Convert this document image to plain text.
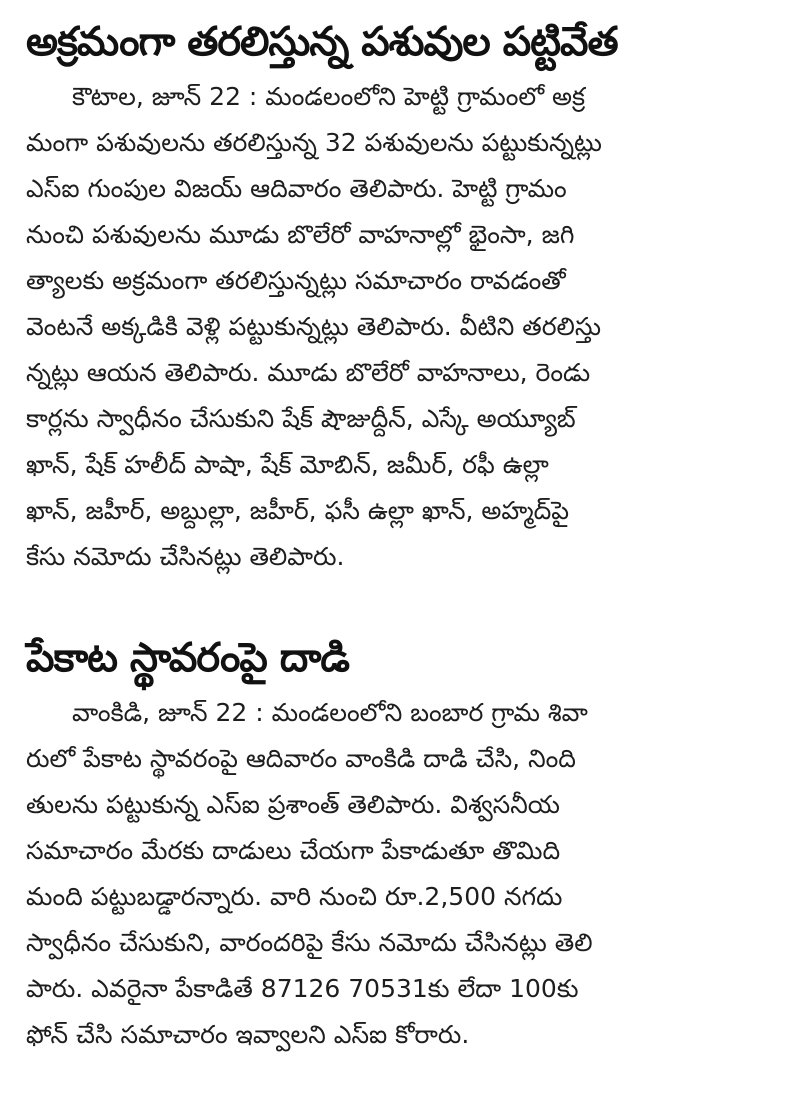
అక్రమంగా తరలిస్తున్న పశువుల పట్టివేత
కౌటాల, జూన్ 22 : మండలంలోని హెట్టి గ్రామంలో అక్ర
మంగా పశువులను తరలిస్తున్న 32 పశువులను పట్టుకున్నట్లు
ఎస్ఐ గుంపుల విజయ్ ఆదివారం తెలిపారు. హెట్టి గ్రామం
నుంచి పశువులను మూడు బొలేరో వాహనాల్లో భైంసా, జగి
త్యాలకు అక్రమంగా తరలిస్తున్నట్లు సమాచారం రావడంతో
వెంటనే అక్కడికి వెళ్లి పట్టుకున్నట్లు తెలిపారు. వీటిని తరలిస్తు
న్నట్లు ఆయన తెలిపారు. మూడు బొలేరో వాహనాలు, రెండు
కార్లను స్వాధీనం చేసుకుని షేక్ షౌజుద్దీన్, ఎస్కే అయ్యూబ్
ఖాన్, షేక్ హలీద్ పాషా, షేక్ మోబిన్, జమీర్, రఫీ ఉల్లా
ఖాన్, జహీర్, అబ్దుల్లా, జహీర్, ఫసీ ఉల్లా ఖాన్, అహ్మద్‌పై
కేసు నమోదు చేసినట్లు తెలిపారు.
పేకాట స్థావరంపై దాడి
వాంకిడి, జూన్ 22 : మండలంలోని బంబార గ్రామ శివా
రులో పేకాట స్థావరంపై ఆదివారం వాంకిడి దాడి చేసి, నింది
తులను పట్టుకున్న ఎస్ఐ ప్రశాంత్ తెలిపారు. విశ్వసనీయ
సమాచారం మేరకు దాడులు చేయగా పేకాడుతూ తొమిది
మంది పట్టుబడ్డారన్నారు. వారి నుంచి రూ.2,500 నగదు
స్వాధీనం చేసుకుని, వారందరిపై కేసు నమోదు చేసినట్లు తెలి
పారు. ఎవరైనా పేకాడితే 87126 70531కు లేదా 100కు
ఫోన్ చేసి సమాచారం ఇవ్వాలని ఎస్ఐ కోరారు.
